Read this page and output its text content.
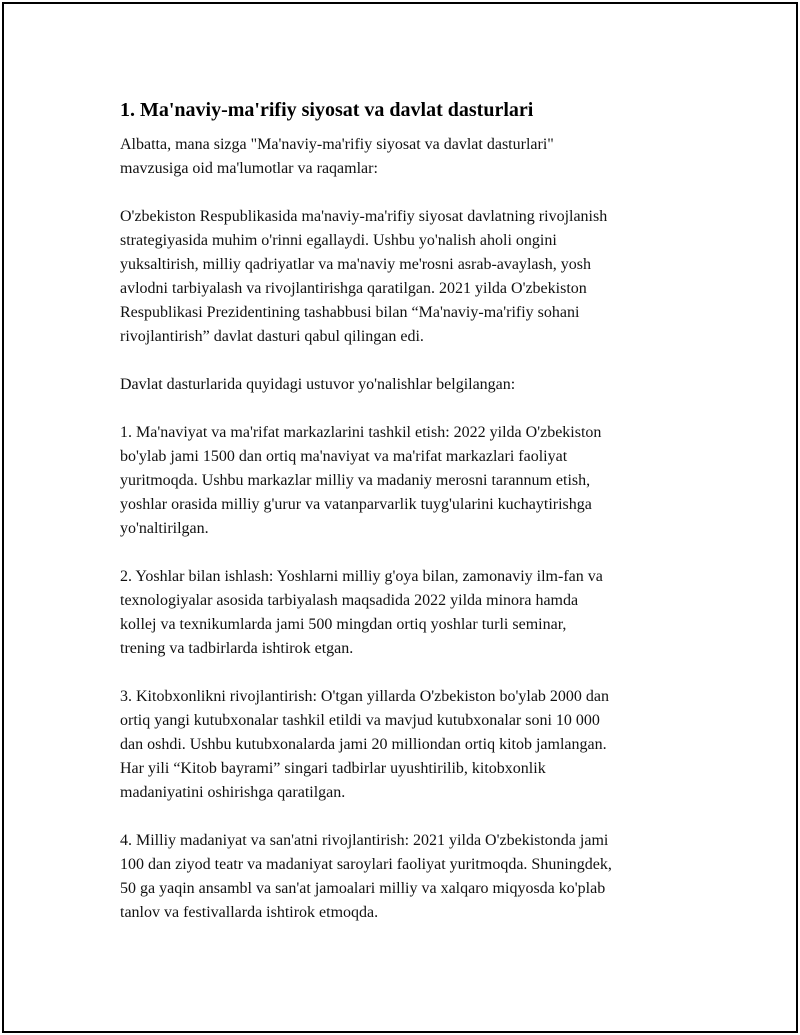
1. Ma'naviy-ma'rifiy siyosat va davlat dasturlari

Albatta, mana sizga "Ma'naviy-ma'rifiy siyosat va davlat dasturlari"
mavzusiga oid ma'lumotlar va raqamlar:

O'zbekiston Respublikasida ma'naviy-ma'rifiy siyosat davlatning rivojlanish
strategiyasida muhim o'rinni egallaydi. Ushbu yo'nalish aholi ongini
yuksaltirish, milliy qadriyatlar va ma'naviy me'rosni asrab-avaylash, yosh
avlodni tarbiyalash va rivojlantirishga qaratilgan. 2021 yilda O'zbekiston
Respublikasi Prezidentining tashabbusi bilan “Ma'naviy-ma'rifiy sohani
rivojlantirish” davlat dasturi qabul qilingan edi.

Davlat dasturlarida quyidagi ustuvor yo'nalishlar belgilangan:

1. Ma'naviyat va ma'rifat markazlarini tashkil etish: 2022 yilda O'zbekiston
bo'ylab jami 1500 dan ortiq ma'naviyat va ma'rifat markazlari faoliyat
yuritmoqda. Ushbu markazlar milliy va madaniy merosni tarannum etish,
yoshlar orasida milliy g'urur va vatanparvarlik tuyg'ularini kuchaytirishga
yo'naltirilgan.

2. Yoshlar bilan ishlash: Yoshlarni milliy g'oya bilan, zamonaviy ilm-fan va
texnologiyalar asosida tarbiyalash maqsadida 2022 yilda minora hamda
kollej va texnikumlarda jami 500 mingdan ortiq yoshlar turli seminar,
trening va tadbirlarda ishtirok etgan.

3. Kitobxonlikni rivojlantirish: O'tgan yillarda O'zbekiston bo'ylab 2000 dan
ortiq yangi kutubxonalar tashkil etildi va mavjud kutubxonalar soni 10 000
dan oshdi. Ushbu kutubxonalarda jami 20 milliondan ortiq kitob jamlangan.
Har yili “Kitob bayrami” singari tadbirlar uyushtirilib, kitobxonlik
madaniyatini oshirishga qaratilgan.

4. Milliy madaniyat va san'atni rivojlantirish: 2021 yilda O'zbekistonda jami
100 dan ziyod teatr va madaniyat saroylari faoliyat yuritmoqda. Shuningdek,
50 ga yaqin ansambl va san'at jamoalari milliy va xalqaro miqyosda ko'plab
tanlov va festivallarda ishtirok etmoqda.
